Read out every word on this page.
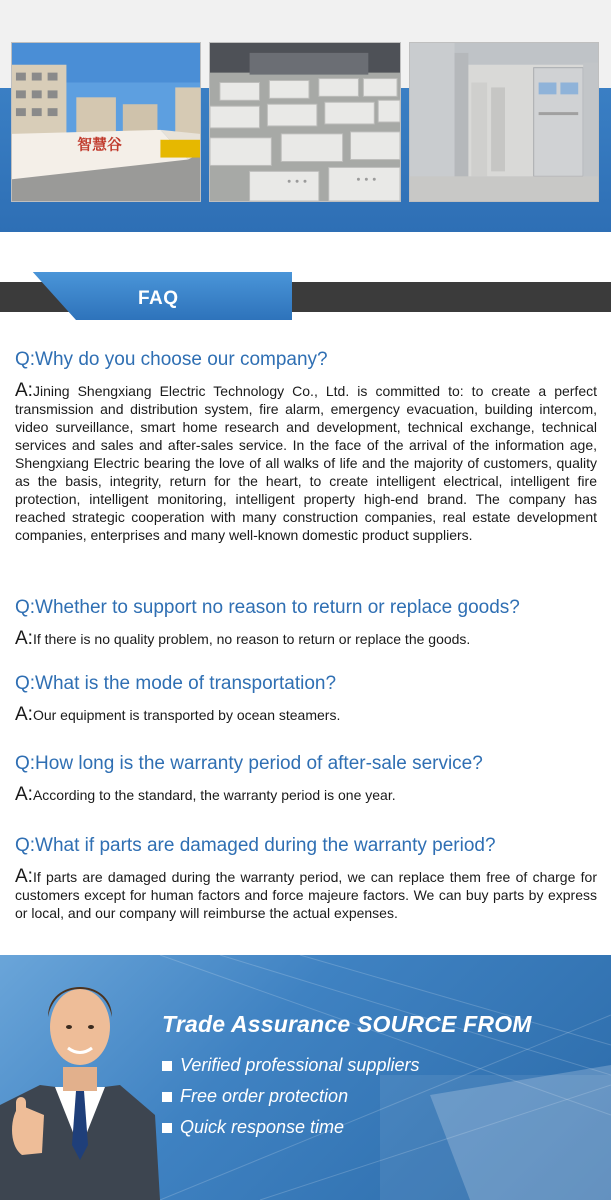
智慧谷
FAQ
Q:Why do you choose our company?
A:Jining Shengxiang Electric Technology Co., Ltd. is committed to: to create a perfect transmission and distribution system, fire alarm, emergency evacuation, building intercom, video surveillance, smart home research and development, technical exchange, technical services and sales and after-sales service. In the face of the arrival of the information age, Shengxiang Electric bearing the love of all walks of life and the majority of customers, quality as the basis, integrity, return for the heart, to create intelligent electrical, intelligent fire protection, intelligent monitoring, intelligent property high-end brand. The company has reached strategic cooperation with many construction companies, real estate development companies, enterprises and many well-known domestic product suppliers.
Q:Whether to support no reason to return or replace goods?
A:If there is no quality problem, no reason to return or replace the goods.
Q:What is the mode of transportation?
A:Our equipment is transported by ocean steamers.
Q:How long is the warranty period of after-sale service?
A:According to the standard, the warranty period is one year.
Q:What if parts are damaged during the warranty period?
A:If parts are damaged during the warranty period, we can replace them free of charge for customers except for human factors and force majeure factors. We can buy parts by express or local, and our company will reimburse the actual expenses.
Trade Assurance SOURCE FROM
Verified professional suppliers
Free order protection
Quick response time
